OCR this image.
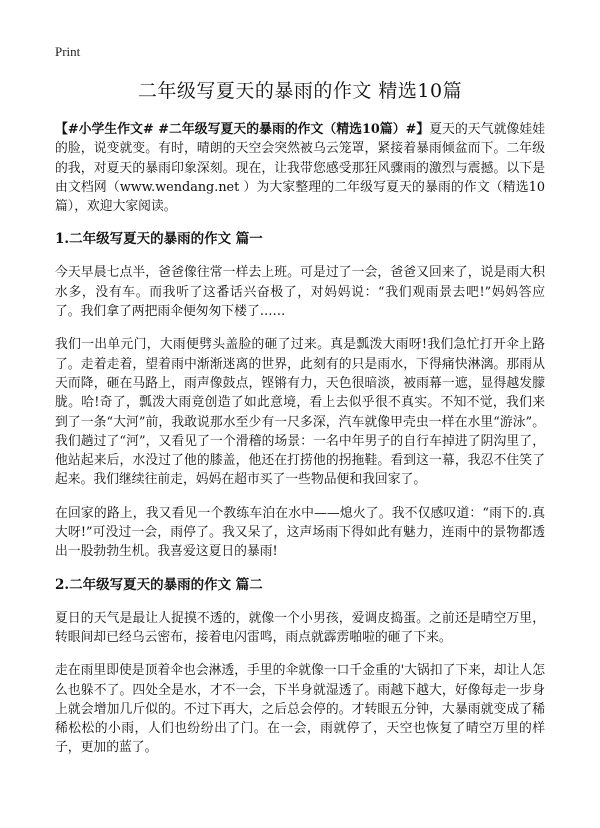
Print
二年级写夏天的暴雨的作文 精选10篇

【#小学生作文# #二年级写夏天的暴雨的作文（精选10篇）#】夏天的天气就像娃娃的脸，说变就变。有时，晴朗的天空会突然被乌云笼罩，紧接着暴雨倾盆而下。二年级的我，对夏天的暴雨印象深刻。现在，让我带您感受那狂风骤雨的激烈与震撼。以下是由文档网（www.wendang.net ）为大家整理的二年级写夏天的暴雨的作文（精选10篇），欢迎大家阅读。

1.二年级写夏天的暴雨的作文 篇一

今天早晨七点半，爸爸像往常一样去上班。可是过了一会，爸爸又回来了，说是雨大积水多，没有车。而我听了这番话兴奋极了，对妈妈说：“我们观雨景去吧!”妈妈答应了。我们拿了两把雨伞便匆匆下楼了……

我们一出单元门，大雨便劈头盖脸的砸了过来。真是瓢泼大雨呀!我们急忙打开伞上路了。走着走着，望着雨中渐渐迷离的世界，此刻有的只是雨水，下得痛快淋漓。那雨从天而降，砸在马路上，雨声像鼓点，铿锵有力，天色很暗淡，被雨幕一遮，显得越发朦胧。哈!奇了，瓢泼大雨竟创造了如此意境，看上去似乎很不真实。不知不觉，我们来到了一条“大河”前，我敢说那水至少有一尺多深，汽车就像甲壳虫一样在水里“游泳”。我们趟过了“河”，又看见了一个滑稽的场景：一名中年男子的自行车掉进了阴沟里了，他站起来后，水没过了他的膝盖，他还在打捞他的拐拖鞋。看到这一幕，我忍不住笑了起来。我们继续往前走，妈妈在超市买了一些物品便和我回家了。

在回家的路上，我又看见一个教练车泊在水中——熄火了。我不仅感叹道：“雨下的.真大呀!”可没过一会，雨停了。我又呆了，这声场雨下得如此有魅力，连雨中的景物都透出一股勃勃生机。我喜爱这夏日的暴雨!

2.二年级写夏天的暴雨的作文 篇二

夏日的天气是最让人捉摸不透的，就像一个小男孩，爱调皮捣蛋。之前还是晴空万里，转眼间却已经乌云密布，接着电闪雷鸣，雨点就霹雳啪啦的砸了下来。

走在雨里即使是顶着伞也会淋透，手里的伞就像一口千金重的'大锅扣了下来，却让人怎么也躲不了。四处全是水，才不一会，下半身就湿透了。雨越下越大，好像每走一步身上就会增加几斤似的。不过下再大，之后总会停的。才转眼五分钟，大暴雨就变成了稀稀松松的小雨，人们也纷纷出了门。在一会，雨就停了，天空也恢复了晴空万里的样子，更加的蓝了。
